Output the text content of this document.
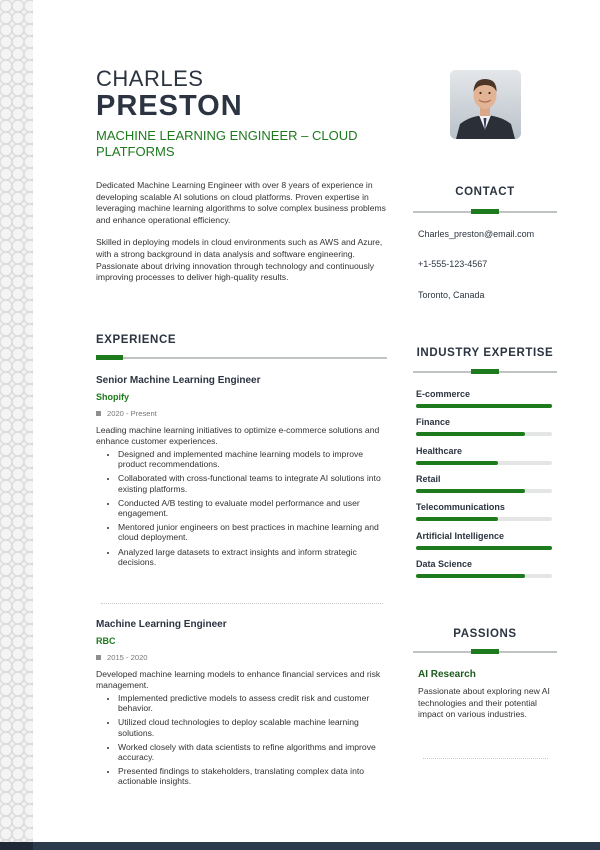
CHARLES
PRESTON
MACHINE LEARNING ENGINEER – CLOUD PLATFORMS

Dedicated Machine Learning Engineer with over 8 years of experience in developing scalable AI solutions on cloud platforms. Proven expertise in leveraging machine learning algorithms to solve complex business problems and enhance operational efficiency.

Skilled in deploying models in cloud environments such as AWS and Azure, with a strong background in data analysis and software engineering. Passionate about driving innovation through technology and continuously improving processes to deliver high-quality results.

EXPERIENCE
Senior Machine Learning Engineer
Shopify
2020 - Present
Leading machine learning initiatives to optimize e-commerce solutions and enhance customer experiences.
• Designed and implemented machine learning models to improve product recommendations.
• Collaborated with cross-functional teams to integrate AI solutions into existing platforms.
• Conducted A/B testing to evaluate model performance and user engagement.
• Mentored junior engineers on best practices in machine learning and cloud deployment.
• Analyzed large datasets to extract insights and inform strategic decisions.
Machine Learning Engineer
RBC
2015 - 2020
Developed machine learning models to enhance financial services and risk management.
• Implemented predictive models to assess credit risk and customer behavior.
• Utilized cloud technologies to deploy scalable machine learning solutions.
• Worked closely with data scientists to refine algorithms and improve accuracy.
• Presented findings to stakeholders, translating complex data into actionable insights.
CONTACT
Charles_preston@email.com
+1-555-123-4567
Toronto, Canada
INDUSTRY EXPERTISE
E-commerce
Finance
Healthcare
Retail
Telecommunications
Artificial Intelligence
Data Science
PASSIONS
AI Research
Passionate about exploring new AI technologies and their potential impact on various industries.
